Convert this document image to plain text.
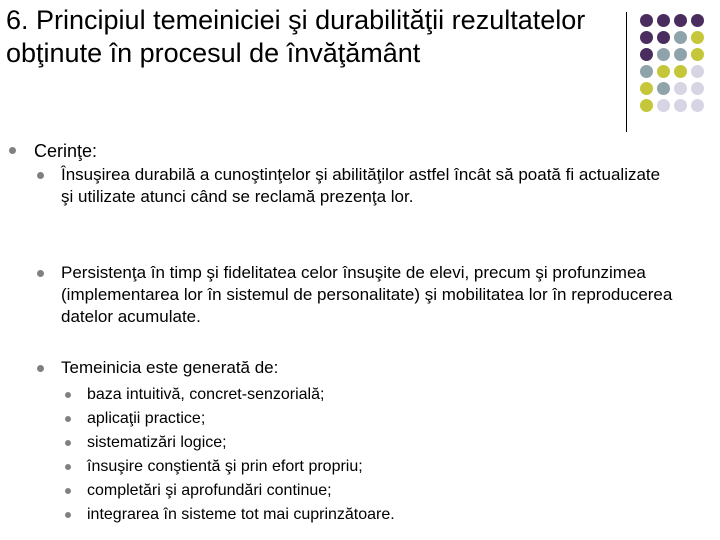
6. Principiul temeiniciei şi durabilităţii rezultatelor obţinute în procesul de învăţământ
Cerinţe:
Însuşirea durabilă a cunoştinţelor şi abilităţilor astfel încât să poată fi actualizate şi utilizate atunci când se reclamă prezenţa lor.
Persistenţa în timp şi fidelitatea celor însuşite de elevi, precum şi profunzimea (implementarea lor în sistemul de personalitate) şi mobilitatea lor în reproducerea datelor acumulate.
Temeinicia este generată de:
baza intuitivă, concret-senzorială;
aplicaţii practice;
sistematizări logice;
însuşire conştientă şi prin efort propriu;
completări şi aprofundări continue;
integrarea în sisteme tot mai cuprinzătoare.
